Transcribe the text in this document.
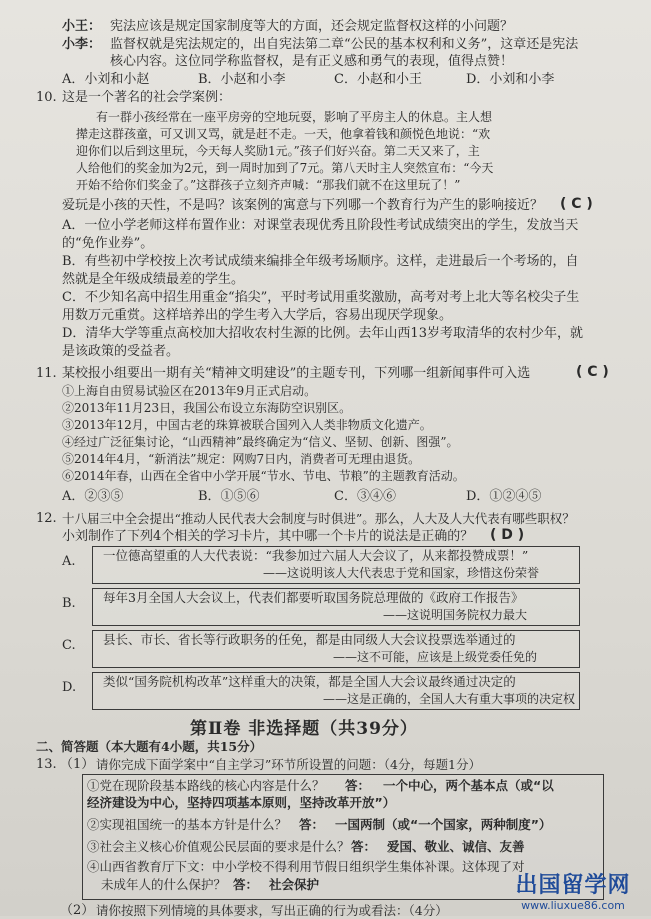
小王： 宪法应该是规定国家制度等大的方面，还会规定监督权这样的小问题？
小李： 监督权就是宪法规定的，出自宪法第二章“公民的基本权利和义务”，这章还是宪法
核心内容。这位同学称监督权，是有正义感和勇气的表现，值得点赞！
A．小刘和小赵	B．小赵和小李	C．小赵和小王	D．小刘和小李
10. 这是一个著名的社会学案例：
有一群小孩经常在一座平房旁的空地玩耍，影响了平房主人的休息。主人想
撵走这群孩童，可又训又骂，就是赶不走。一天，他拿着钱和颜悦色地说：“欢
迎你们以后到这里玩，今天每人奖励1元。”孩子们好兴奋。第二天又来了，主
人给他们的奖金加为2元，到一周时加到了7元。第八天时主人突然宣布：“今天
开始不给你们奖金了。”这群孩子立刻齐声喊：“那我们就不在这里玩了！”
爱玩是小孩的天性，不是吗？该案例的寓意与下列哪一个教育行为产生的影响接近？ ( C )
A．一位小学老师这样布置作业：对课堂表现优秀且阶段性考试成绩突出的学生，发放当天
的“免作业券”。
B．有些初中学校按上次考试成绩来编排全年级考场顺序。这样，走进最后一个考场的，自
然就是全年级成绩最差的学生。
C．不少知名高中招生用重金“掐尖”，平时考试用重奖激励，高考对考上北大等名校尖子生
用数万元重赏。这样培养出的学生考入大学后，容易出现厌学现象。
D．清华大学等重点高校加大招收农村生源的比例。去年山西13岁考取清华的农村少年，就
是该政策的受益者。
11. 某校报小组要出一期有关“精神文明建设”的主题专刊，下列哪一组新闻事件可入选	( C )
①上海自由贸易试验区在2013年9月正式启动。
②2013年11月23日，我国公布设立东海防空识别区。
③2013年12月，中国古老的珠算被联合国列入人类非物质文化遗产。
④经过广泛征集讨论，“山西精神”最终确定为“信义、坚韧、创新、图强”。
⑤2014年4月，“新消法”规定：网购7日内，消费者可无理由退货。
⑥2014年春，山西在全省中小学开展“节水、节电、节粮”的主题教育活动。
A．②③⑤	B．①⑤⑥	C．③④⑥	D．①②④⑤
12. 十八届三中全会提出“推动人民代表大会制度与时俱进”。那么，人大及人大代表有哪些职权？
小刘制作了下列4个相关的学习卡片，其中哪一个卡片的说法是正确的？ ( D )
A. 一位德高望重的人大代表说：“我参加过六届人大会议了，从来都投赞成票！”
——这说明该人大代表忠于党和国家，珍惜这份荣誉
B. 每年3月全国人大会议上，代表们都要听取国务院总理做的《政府工作报告》
——这说明国务院权力最大
C. 县长、市长、省长等行政职务的任免，都是由同级人大会议投票选举通过的
——这不可能，应该是上级党委任免的
D. 类似“国务院机构改革”这样重大的决策，都是全国人大会议最终通过决定的
——这是正确的，全国人大有重大事项的决定权
第Ⅱ卷 非选择题（共39分）
二、简答题（本大题有4小题，共15分）
13. （1） 请你完成下面学案中“自主学习”环节所设置的问题：（4分，每题1分）
①党在现阶段基本路线的核心内容是什么？ 答： 一个中心，两个基本点（或“以
经济建设为中心，坚持四项基本原则，坚持改革开放”）
②实现祖国统一的基本方针是什么？ 答： 一国两制（或“一个国家，两种制度”）
③社会主义核心价值观公民层面的要求是什么？ 答： 爱国、敬业、诚信、友善
④山西省教育厅下文：中小学校不得利用节假日组织学生集体补课。这体现了对
未成年人的什么保护？ 答： 社会保护
（2） 请你按照下列情境的具体要求，写出正确的行为或看法：（4分）
出国留学网
www.liuxue86.com
